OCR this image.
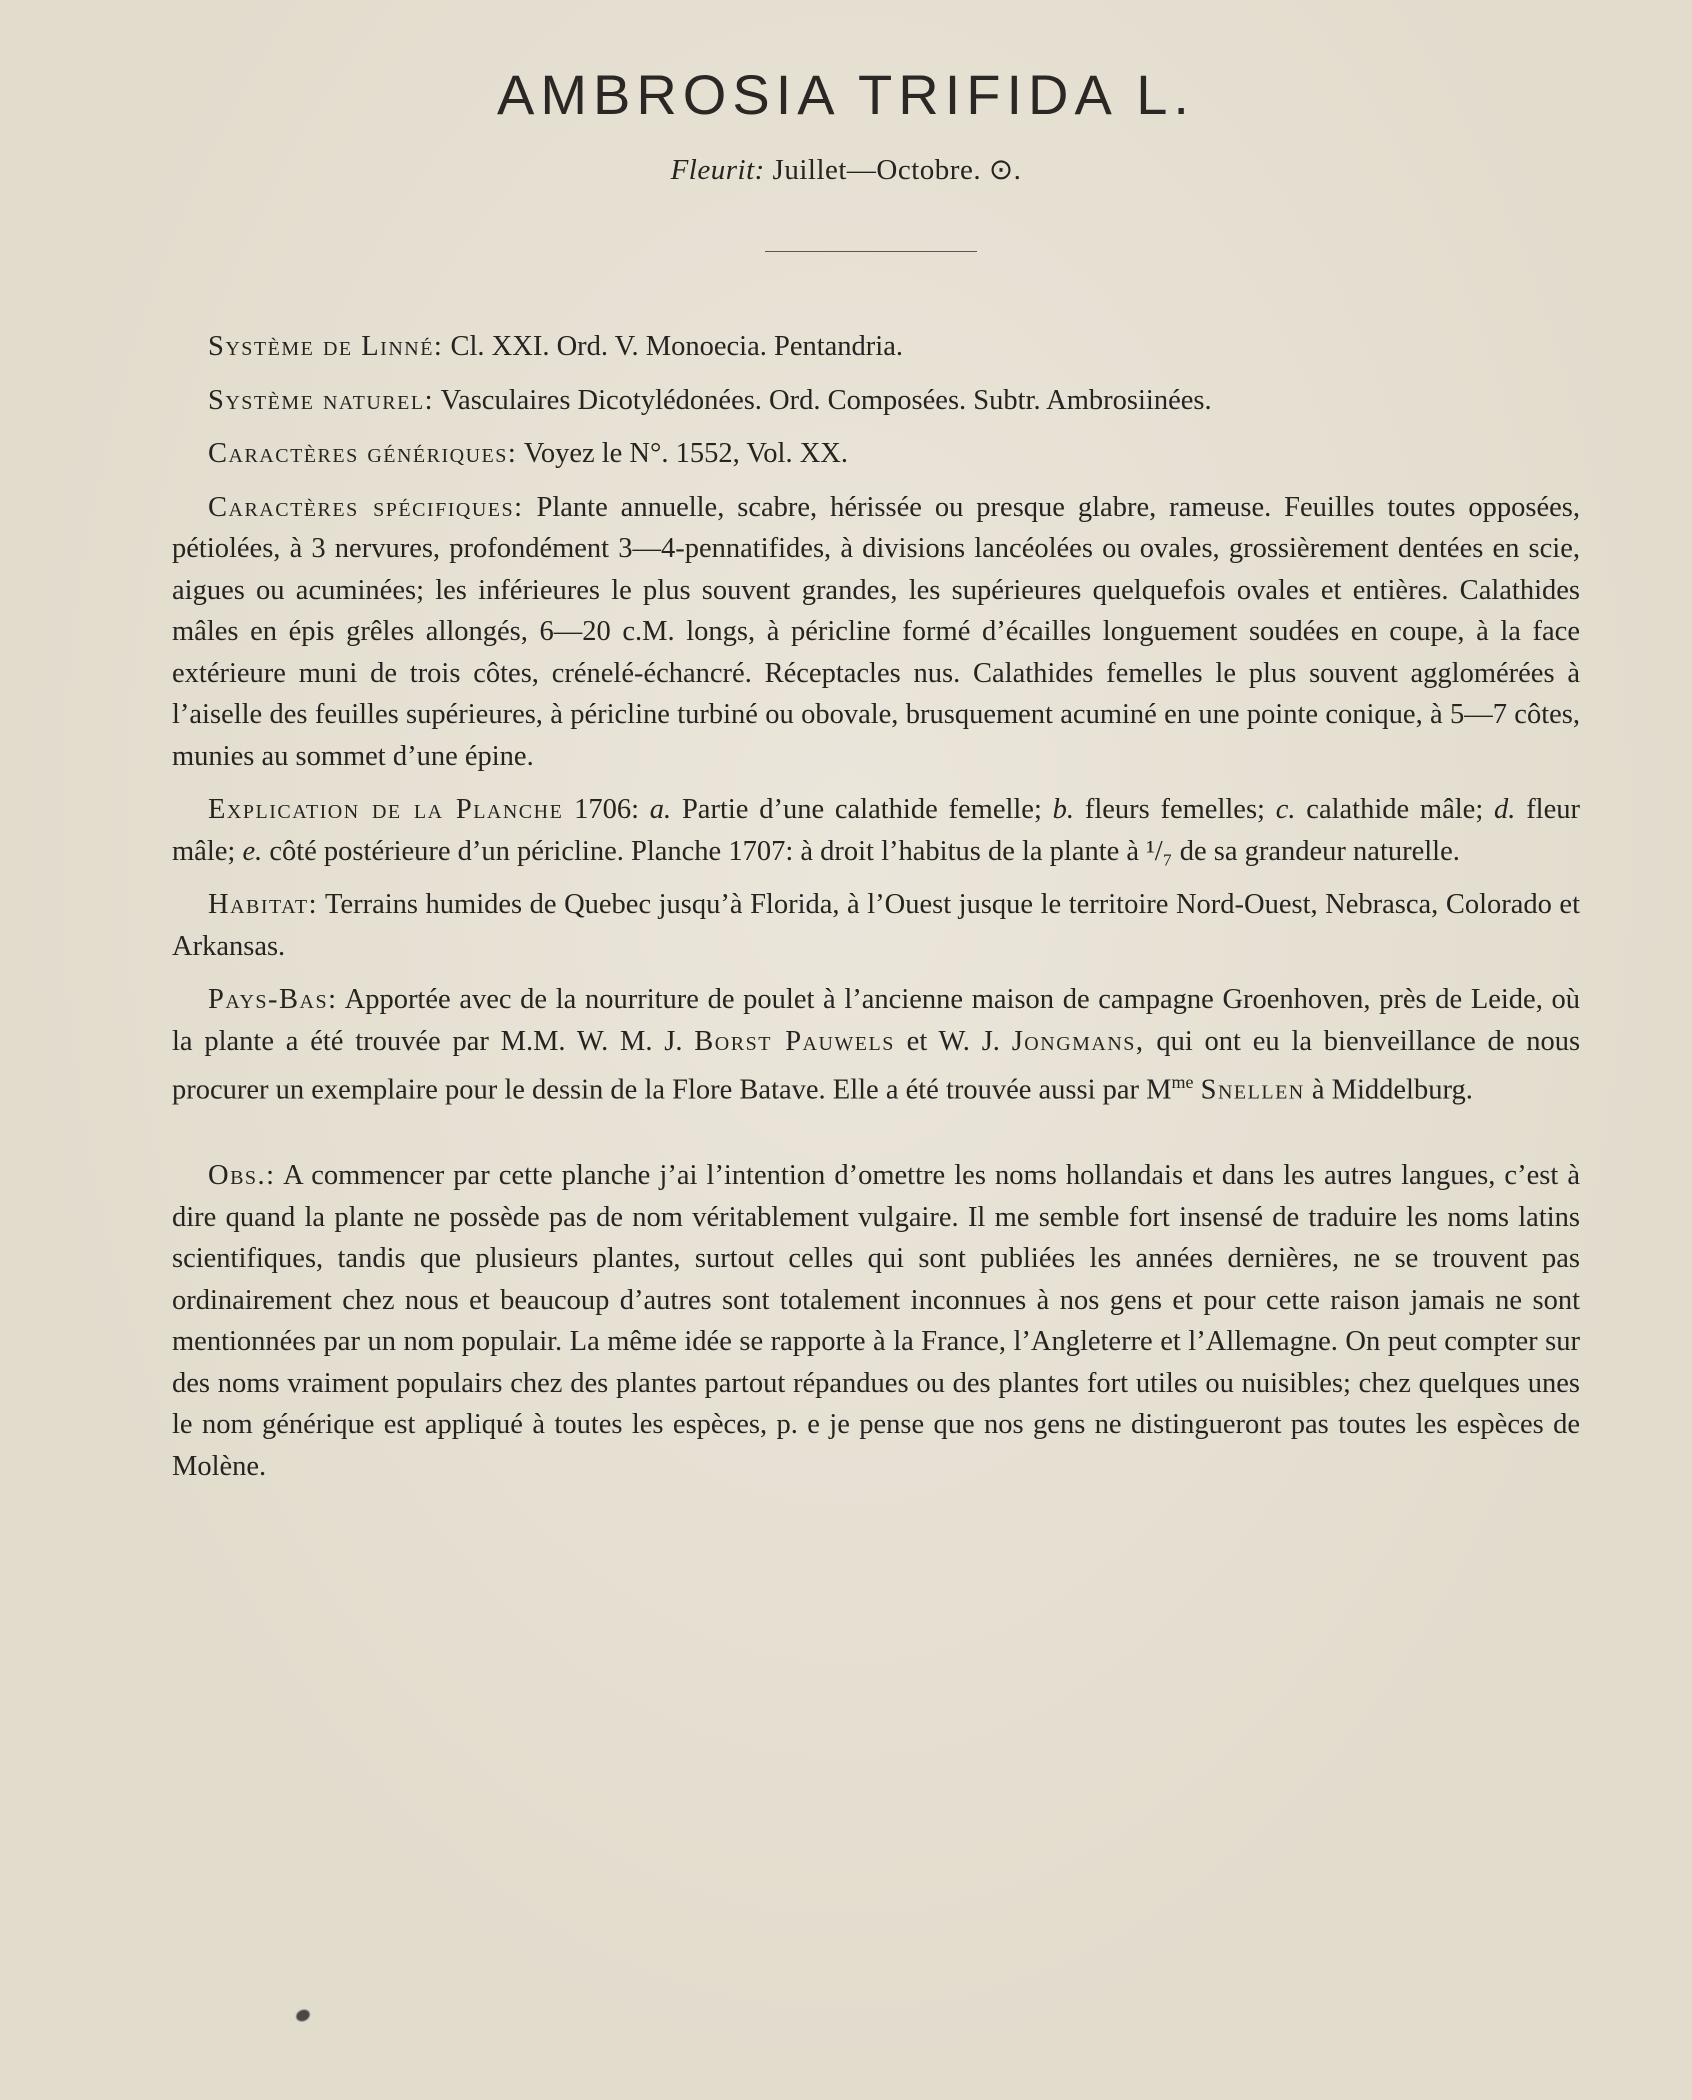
AMBROSIA TRIFIDA L.
Fleurit: Juillet—Octobre. ⊙.

Système de Linné: Cl. XXI. Ord. V. Monoecia. Pentandria.

Système naturel: Vasculaires Dicotylédonées. Ord. Composées. Subtr. Ambrosiinées.

Caractères génériques: Voyez le N°. 1552, Vol. XX.

Caractères spécifiques: Plante annuelle, scabre, hérissée ou presque glabre, rameuse. Feuilles toutes opposées, pétiolées, à 3 nervures, profondément 3—4-pennatifides, à divisions lancéolées ou ovales, grossièrement dentées en scie, aigues ou acuminées; les inférieures le plus souvent grandes, les supérieures quelquefois ovales et entières. Calathides mâles en épis grêles allongés, 6—20 c.M. longs, à péricline formé d’écailles longuement soudées en coupe, à la face extérieure muni de trois côtes, crénelé-échancré. Réceptacles nus. Calathides femelles le plus souvent agglomérées à l’aiselle des feuilles supérieures, à péricline turbiné ou obovale, brusquement acuminé en une pointe conique, à 5—7 côtes, munies au sommet d’une épine.

Explication de la Planche 1706: a. Partie d’une calathide femelle; b. fleurs femelles; c. calathide mâle; d. fleur mâle; e. côté postérieure d’un péricline. Planche 1707: à droit l’habitus de la plante à ¹/₇ de sa grandeur naturelle.

Habitat: Terrains humides de Quebec jusqu’à Florida, à l’Ouest jusque le territoire Nord-Ouest, Nebrasca, Colorado et Arkansas.

Pays-Bas: Apportée avec de la nourriture de poulet à l’ancienne maison de campagne Groenhoven, près de Leide, où la plante a été trouvée par M.M. W. M. J. Borst Pauwels et W. J. Jongmans, qui ont eu la bienveillance de nous procurer un exemplaire pour le dessin de la Flore Batave. Elle a été trouvée aussi par $M^{me}$ Snellen à Middelburg.

Obs.: A commencer par cette planche j’ai l’intention d’omettre les noms hollandais et dans les autres langues, c’est à dire quand la plante ne possède pas de nom véritablement vulgaire. Il me semble fort insensé de traduire les noms latins scientifiques, tandis que plusieurs plantes, surtout celles qui sont publiées les années dernières, ne se trouvent pas ordinairement chez nous et beaucoup d’autres sont totalement inconnues à nos gens et pour cette raison jamais ne sont mentionnées par un nom populair. La même idée se rapporte à la France, l’Angleterre et l’Allemagne. On peut compter sur des noms vraiment populairs chez des plantes partout répandues ou des plantes fort utiles ou nuisibles; chez quelques unes le nom générique est appliqué à toutes les espèces, p. e je pense que nos gens ne distingueront pas toutes les espèces de Molène.
